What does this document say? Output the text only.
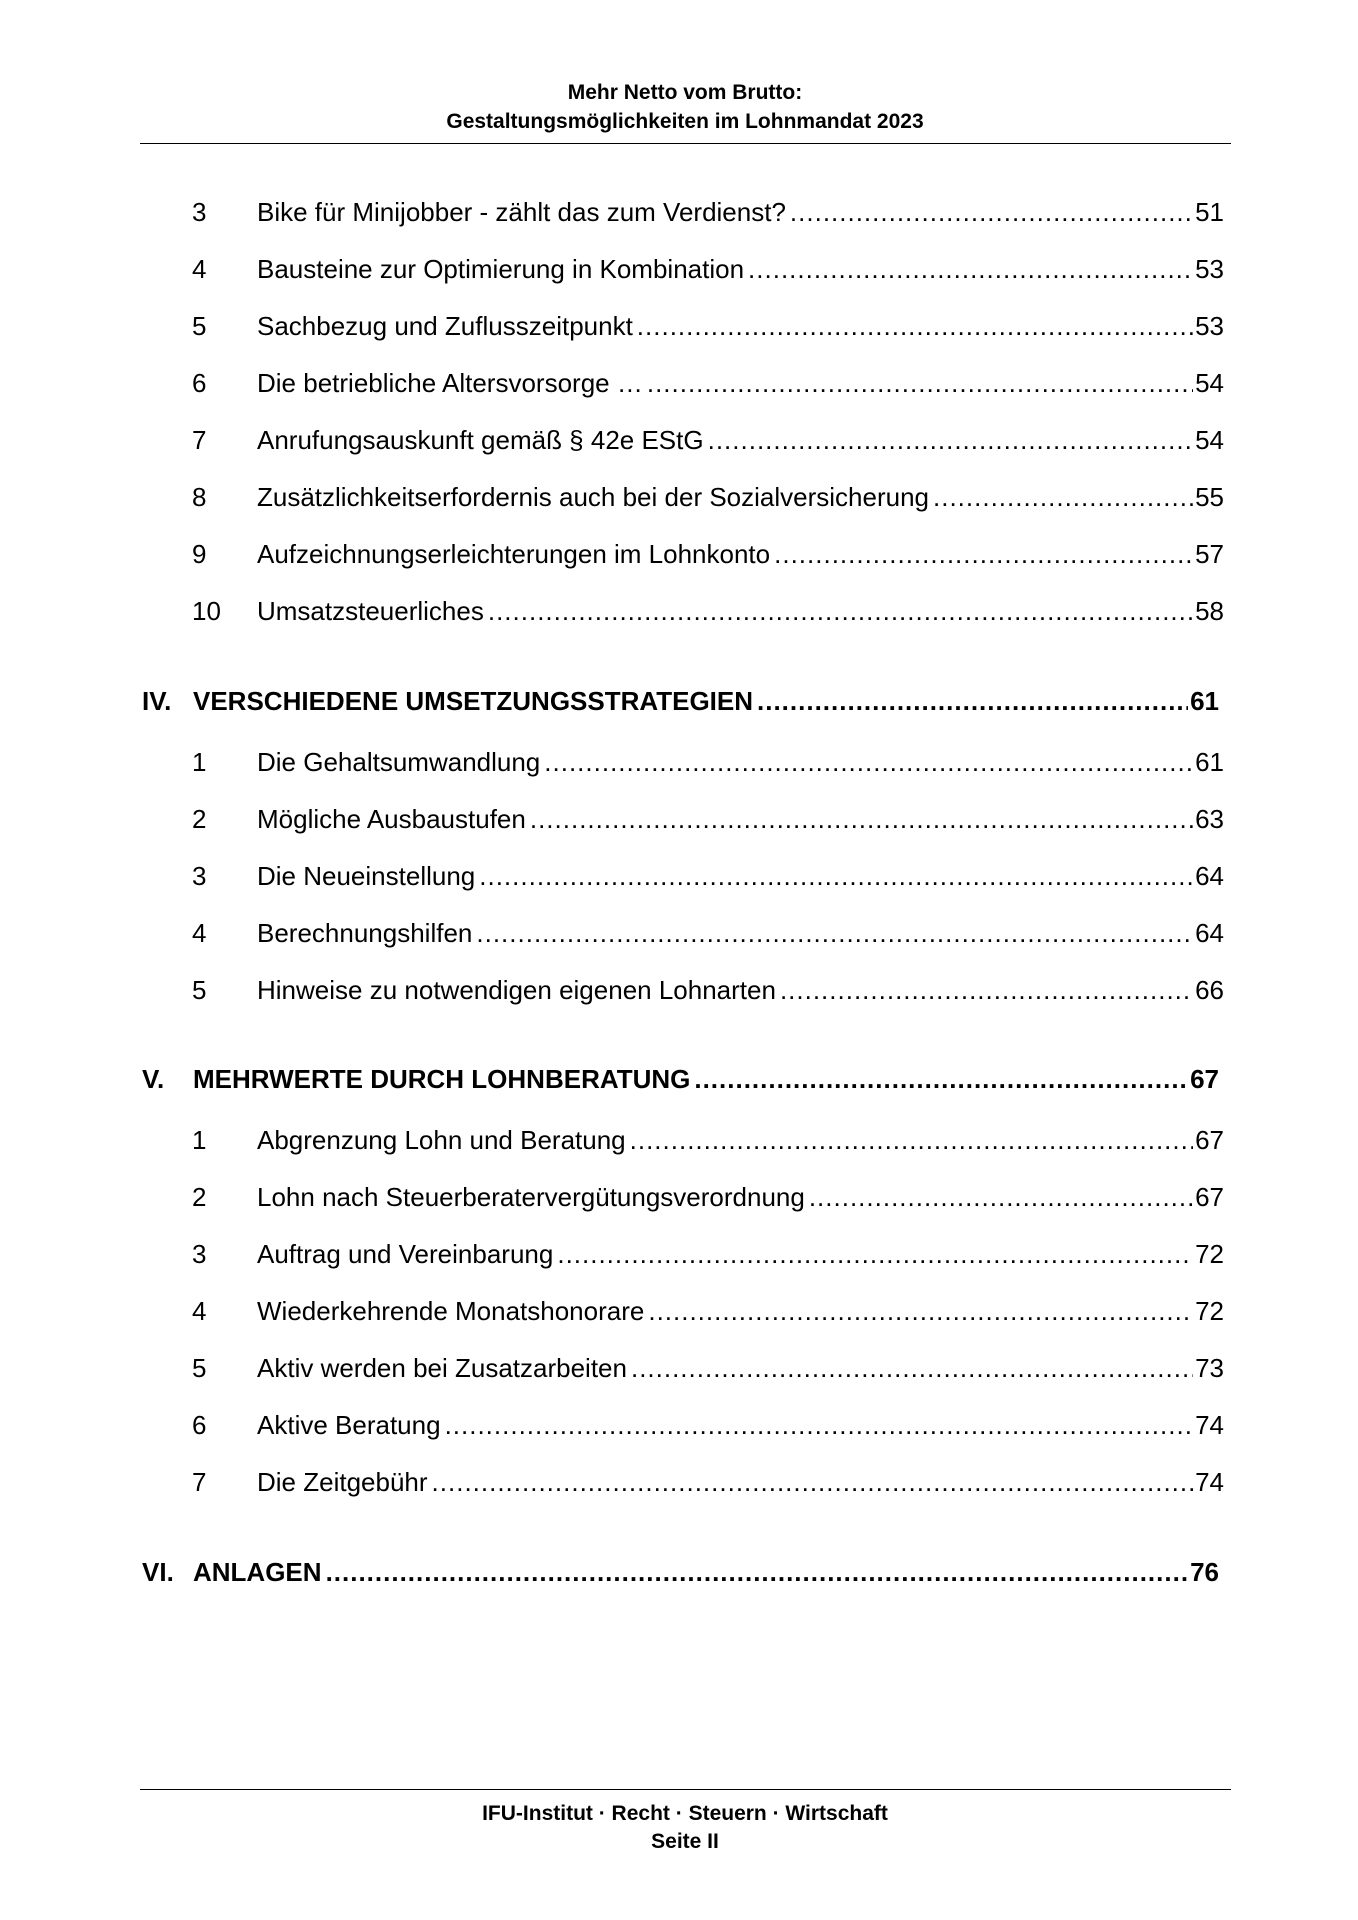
Mehr Netto vom Brutto:
Gestaltungsmöglichkeiten im Lohnmandat 2023
3	Bike für Minijobber - zählt das zum Verdienst? .....	51
4	Bausteine zur Optimierung in Kombination .....	53
5	Sachbezug und Zuflusszeitpunkt .....	53
6	Die betriebliche Altersvorsorge … .....	54
7	Anrufungsauskunft gemäß § 42e EStG .....	54
8	Zusätzlichkeitserfordernis auch bei der Sozialversicherung .....	55
9	Aufzeichnungserleichterungen im Lohnkonto .....	57
10	Umsatzsteuerliches .....	58
IV. VERSCHIEDENE UMSETZUNGSSTRATEGIEN .....	61
1	Die Gehaltsumwandlung .....	61
2	Mögliche Ausbaustufen .....	63
3	Die Neueinstellung .....	64
4	Berechnungshilfen .....	64
5	Hinweise zu notwendigen eigenen Lohnarten .....	66
V.	MEHRWERTE DURCH LOHNBERATUNG .....	67
1	Abgrenzung Lohn und Beratung .....	67
2	Lohn nach Steuerberatervergütungsverordnung .....	67
3	Auftrag und Vereinbarung .....	72
4	Wiederkehrende Monatshonorare .....	72
5	Aktiv werden bei Zusatzarbeiten .....	73
6	Aktive Beratung .....	74
7	Die Zeitgebühr .....	74
VI. ANLAGEN .....	76
IFU-Institut · Recht · Steuern · Wirtschaft
Seite II
